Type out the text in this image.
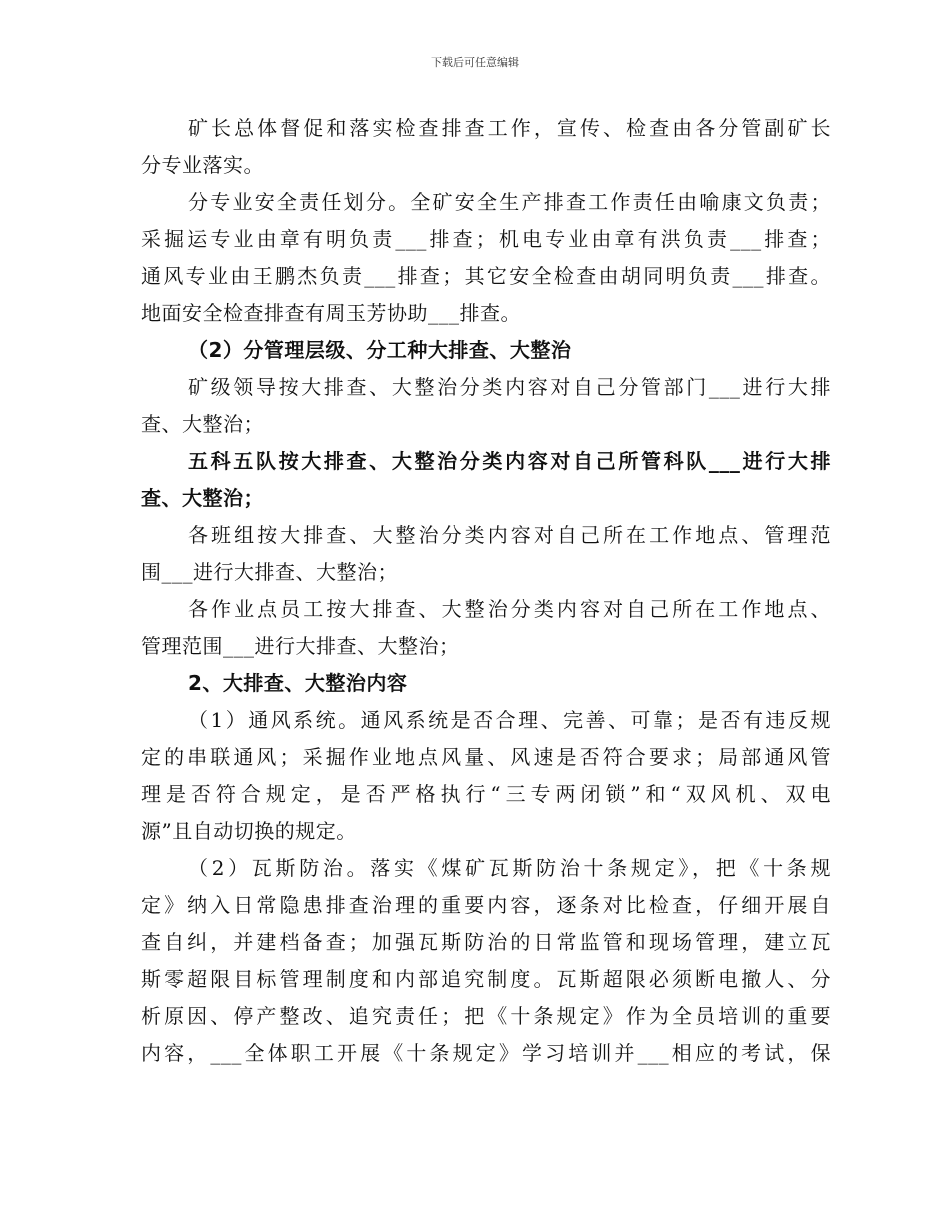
下载后可任意编辑
矿长总体督促和落实检查排查工作，宣传、检查由各分管副矿长
分专业落实。
分专业安全责任划分。全矿安全生产排查工作责任由喻康文负责；
采掘运专业由章有明负责___排查；机电专业由章有洪负责___排查；
通风专业由王鹏杰负责___排查；其它安全检查由胡同明负责___排查。
地面安全检查排查有周玉芳协助___排查。
（2）分管理层级、分工种大排查、大整治
矿级领导按大排查、大整治分类内容对自己分管部门___进行大排
查、大整治；
五科五队按大排查、大整治分类内容对自己所管科队___进行大排
查、大整治；
各班组按大排查、大整治分类内容对自己所在工作地点、管理范
围___进行大排查、大整治；
各作业点员工按大排查、大整治分类内容对自己所在工作地点、
管理范围___进行大排查、大整治；
2、大排查、大整治内容
（1）通风系统。通风系统是否合理、完善、可靠；是否有违反规
定的串联通风；采掘作业地点风量、风速是否符合要求；局部通风管
理是否符合规定，是否严格执行“三专两闭锁”和“双风机、双电
源”且自动切换的规定。
（2）瓦斯防治。落实《煤矿瓦斯防治十条规定》，把《十条规
定》纳入日常隐患排查治理的重要内容，逐条对比检查，仔细开展自
查自纠，并建档备查；加强瓦斯防治的日常监管和现场管理，建立瓦
斯零超限目标管理制度和内部追究制度。瓦斯超限必须断电撤人、分
析原因、停产整改、追究责任；把《十条规定》作为全员培训的重要
内容，___全体职工开展《十条规定》学习培训并___相应的考试，保
